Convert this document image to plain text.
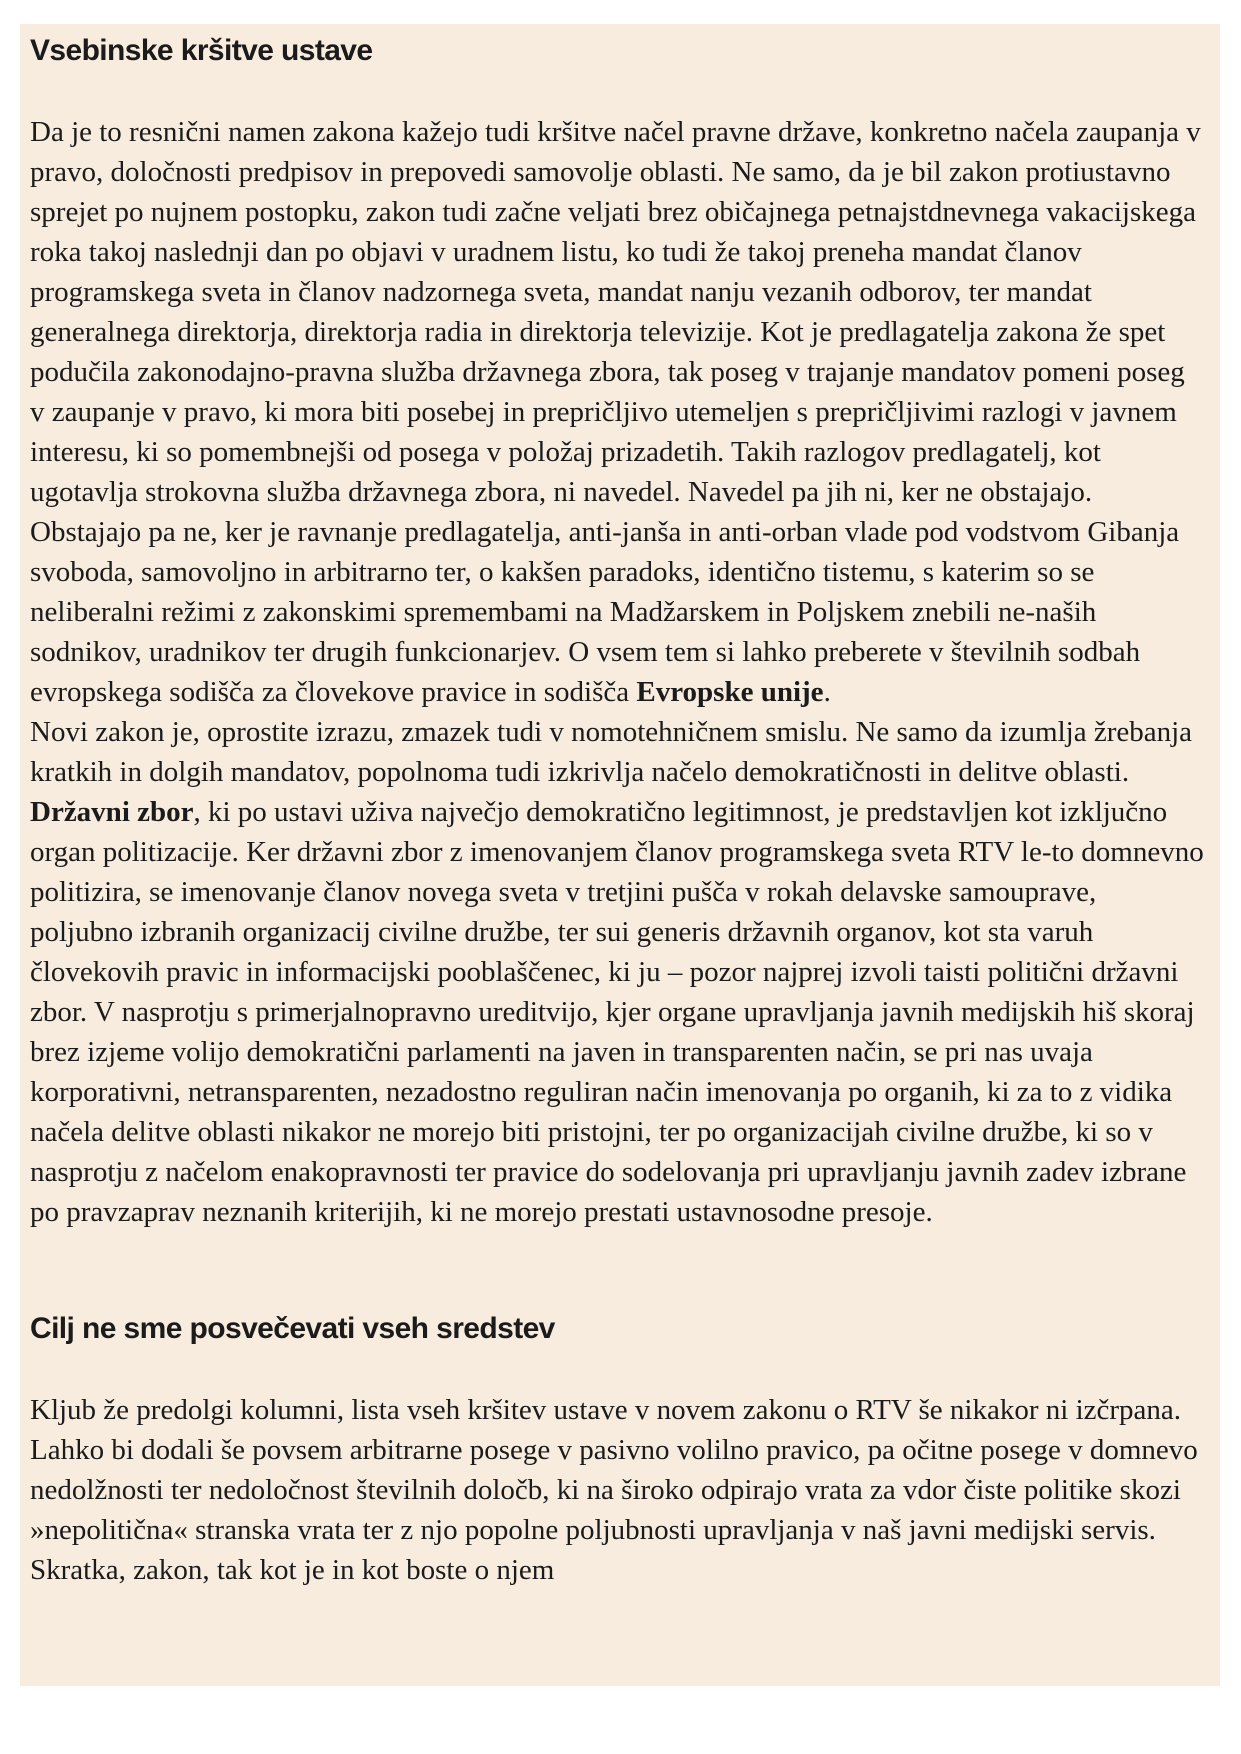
Vsebinske kršitve ustave

Da je to resnični namen zakona kažejo tudi kršitve načel pravne države, konkretno načela zaupanja v pravo, določnosti predpisov in prepovedi samovolje oblasti. Ne samo, da je bil zakon protiustavno sprejet po nujnem postopku, zakon tudi začne veljati brez običajnega petnajstdnevnega vakacijskega roka takoj naslednji dan po objavi v uradnem listu, ko tudi že takoj preneha mandat članov programskega sveta in članov nadzornega sveta, mandat nanju vezanih odborov, ter mandat generalnega direktorja, direktorja radia in direktorja televizije. Kot je predlagatelja zakona že spet podučila zakonodajno-pravna služba državnega zbora, tak poseg v trajanje mandatov pomeni poseg v zaupanje v pravo, ki mora biti posebej in prepričljivo utemeljen s prepričljivimi razlogi v javnem interesu, ki so pomembnejši od posega v položaj prizadetih. Takih razlogov predlagatelj, kot ugotavlja strokovna služba državnega zbora, ni navedel. Navedel pa jih ni, ker ne obstajajo. Obstajajo pa ne, ker je ravnanje predlagatelja, anti-janša in anti-orban vlade pod vodstvom Gibanja svoboda, samovoljno in arbitrarno ter, o kakšen paradoks, identično tistemu, s katerim so se neliberalni režimi z zakonskimi spremembami na Madžarskem in Poljskem znebili ne-naših sodnikov, uradnikov ter drugih funkcionarjev. O vsem tem si lahko preberete v številnih sodbah evropskega sodišča za človekove pravice in sodišča Evropske unije.

Novi zakon je, oprostite izrazu, zmazek tudi v nomotehničnem smislu. Ne samo da izumlja žrebanja kratkih in dolgih mandatov, popolnoma tudi izkrivlja načelo demokratičnosti in delitve oblasti. Državni zbor, ki po ustavi uživa največjo demokratično legitimnost, je predstavljen kot izključno organ politizacije. Ker državni zbor z imenovanjem članov programskega sveta RTV le-to domnevno politizira, se imenovanje članov novega sveta v tretjini pušča v rokah delavske samouprave, poljubno izbranih organizacij civilne družbe, ter sui generis državnih organov, kot sta varuh človekovih pravic in informacijski pooblaščenec, ki ju – pozor najprej izvoli taisti politični državni zbor. V nasprotju s primerjalnopravno ureditvijo, kjer organe upravljanja javnih medijskih hiš skoraj brez izjeme volijo demokratični parlamenti na javen in transparenten način, se pri nas uvaja korporativni, netransparenten, nezadostno reguliran način imenovanja po organih, ki za to z vidika načela delitve oblasti nikakor ne morejo biti pristojni, ter po organizacijah civilne družbe, ki so v nasprotju z načelom enakopravnosti ter pravice do sodelovanja pri upravljanju javnih zadev izbrane po pravzaprav neznanih kriterijih, ki ne morejo prestati ustavnosodne presoje.

Cilj ne sme posvečevati vseh sredstev

Kljub že predolgi kolumni, lista vseh kršitev ustave v novem zakonu o RTV še nikakor ni izčrpana. Lahko bi dodali še povsem arbitrarne posege v pasivno volilno pravico, pa očitne posege v domnevo nedolžnosti ter nedoločnost številnih določb, ki na široko odpirajo vrata za vdor čiste politike skozi »nepolitična« stranska vrata ter z njo popolne poljubnosti upravljanja v naš javni medijski servis. Skratka, zakon, tak kot je in kot boste o njem
